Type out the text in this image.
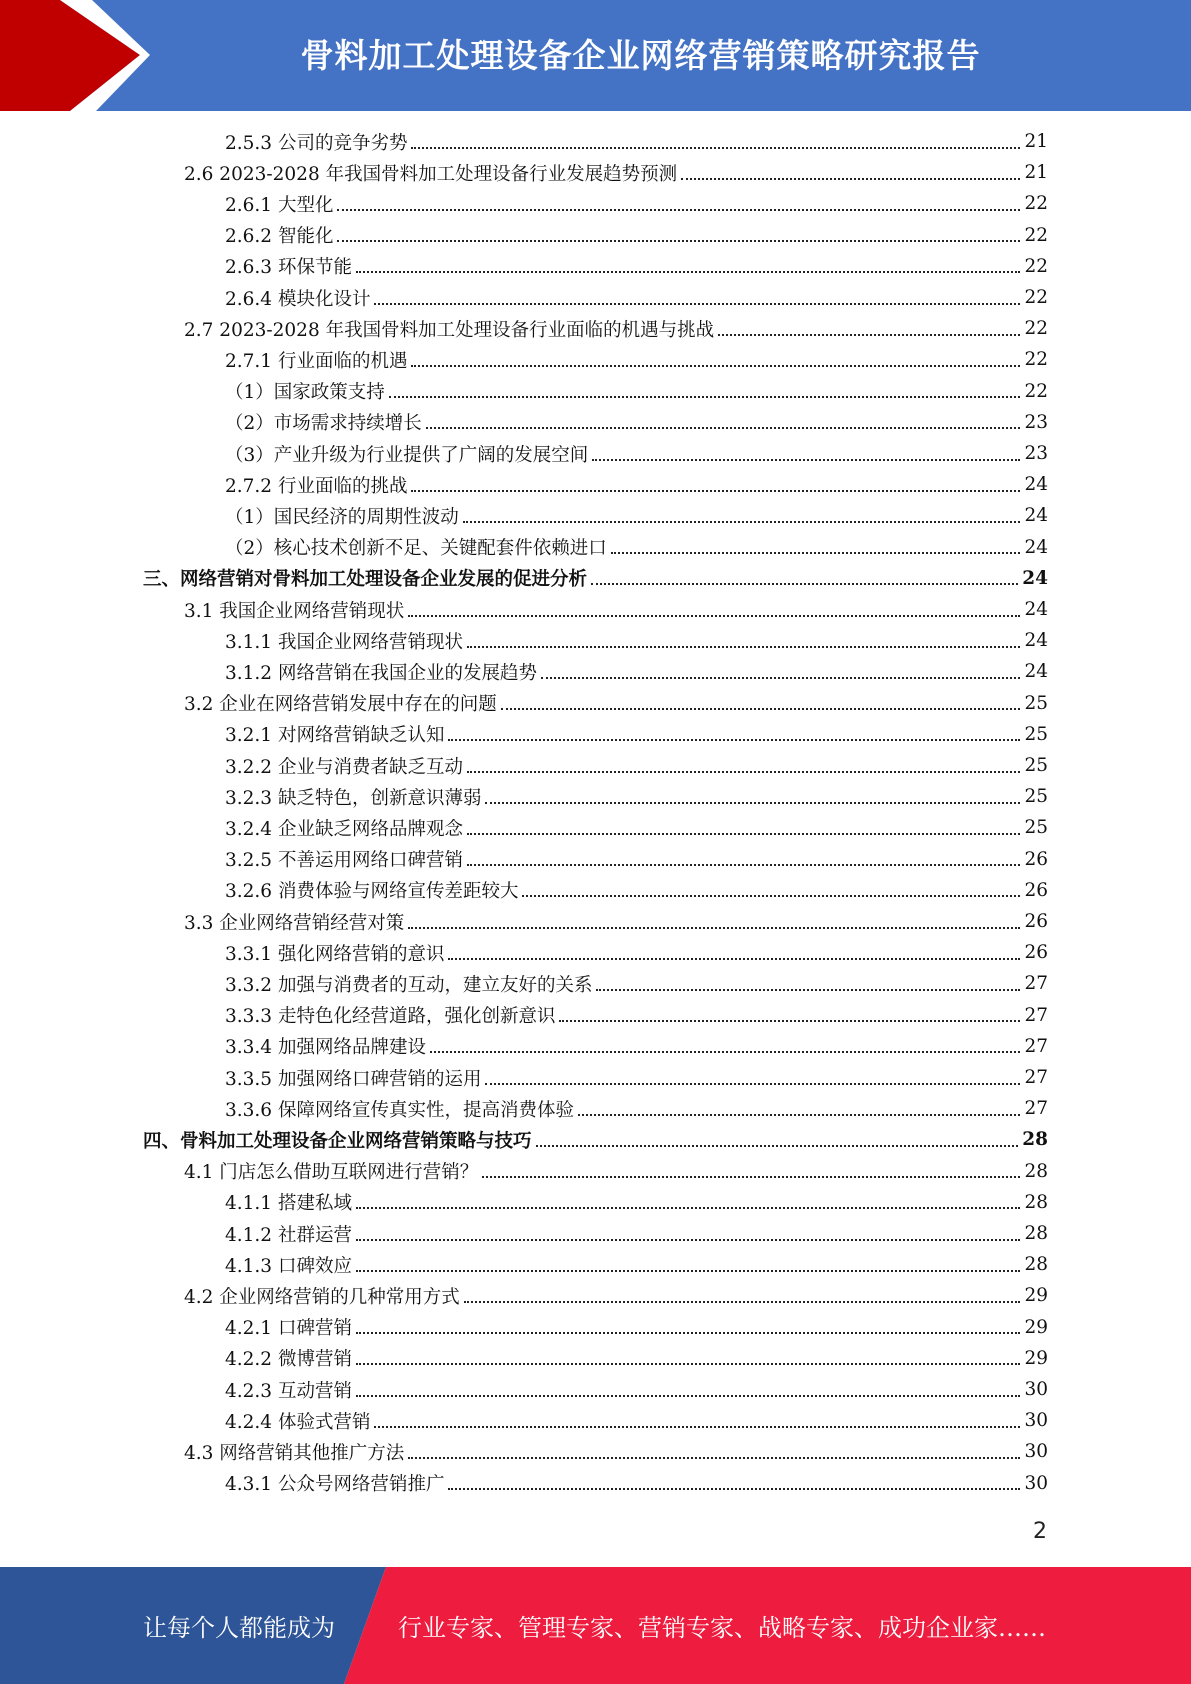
骨料加工处理设备企业网络营销策略研究报告
2.5.3 公司的竞争劣势	21
2.6 2023-2028 年我国骨料加工处理设备行业发展趋势预测	21
2.6.1 大型化	22
2.6.2 智能化	22
2.6.3 环保节能	22
2.6.4 模块化设计	22
2.7 2023-2028 年我国骨料加工处理设备行业面临的机遇与挑战	22
2.7.1 行业面临的机遇	22
（1）国家政策支持	22
（2）市场需求持续增长	23
（3）产业升级为行业提供了广阔的发展空间	23
2.7.2 行业面临的挑战	24
（1）国民经济的周期性波动	24
（2）核心技术创新不足、关键配套件依赖进口	24
三、网络营销对骨料加工处理设备企业发展的促进分析	24
3.1 我国企业网络营销现状	24
3.1.1 我国企业网络营销现状	24
3.1.2 网络营销在我国企业的发展趋势	24
3.2 企业在网络营销发展中存在的问题	25
3.2.1 对网络营销缺乏认知	25
3.2.2 企业与消费者缺乏互动	25
3.2.3 缺乏特色，创新意识薄弱	25
3.2.4 企业缺乏网络品牌观念	25
3.2.5 不善运用网络口碑营销	26
3.2.6 消费体验与网络宣传差距较大	26
3.3 企业网络营销经营对策	26
3.3.1 强化网络营销的意识	26
3.3.2 加强与消费者的互动，建立友好的关系	27
3.3.3 走特色化经营道路，强化创新意识	27
3.3.4 加强网络品牌建设	27
3.3.5 加强网络口碑营销的运用	27
3.3.6 保障网络宣传真实性，提高消费体验	27
四、骨料加工处理设备企业网络营销策略与技巧	28
4.1 门店怎么借助互联网进行营销？	28
4.1.1 搭建私域	28
4.1.2 社群运营	28
4.1.3 口碑效应	28
4.2 企业网络营销的几种常用方式	29
4.2.1 口碑营销	29
4.2.2 微博营销	29
4.2.3 互动营销	30
4.2.4 体验式营销	30
4.3 网络营销其他推广方法	30
4.3.1 公众号网络营销推广	30
2
让每个人都能成为	行业专家、管理专家、营销专家、战略专家、成功企业家……
